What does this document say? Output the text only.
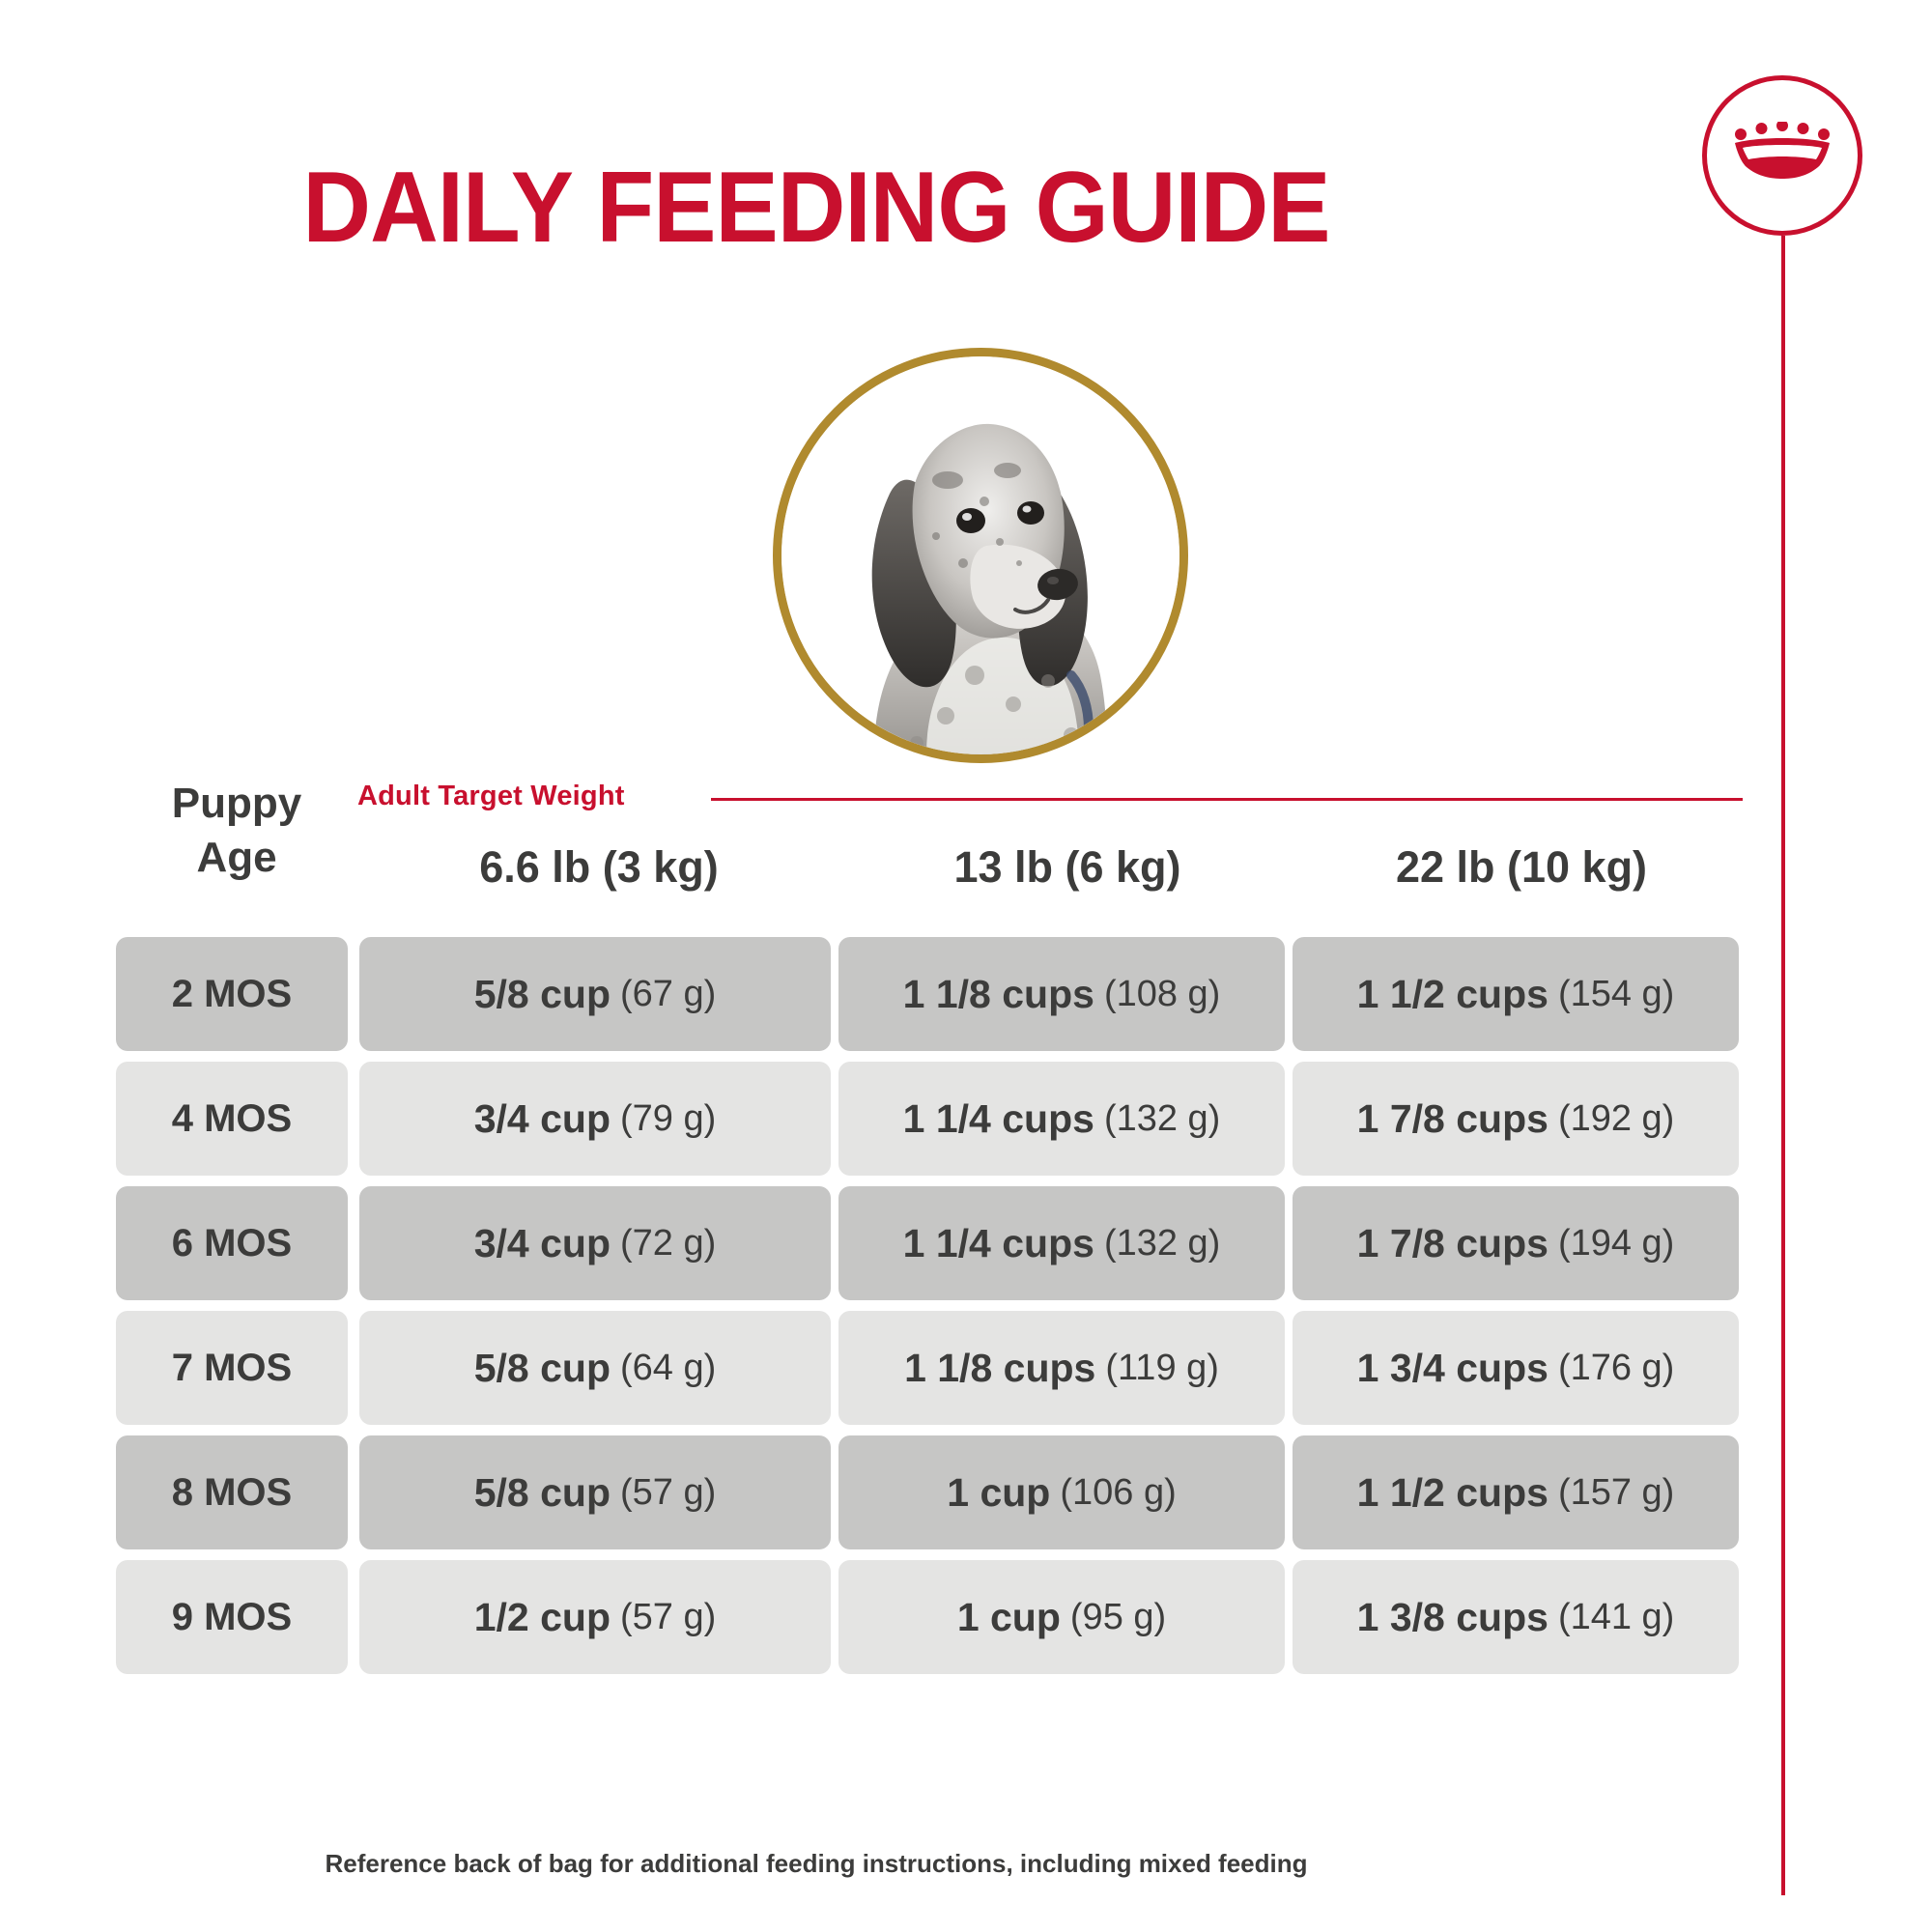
DAILY FEEDING GUIDE
Puppy
Age
Adult Target Weight
6.6 lb (3 kg)	13 lb (6 kg)	22 lb (10 kg)
2 MOS	5/8 cup (67 g)	1 1/8 cups (108 g)	1 1/2 cups (154 g)
4 MOS	3/4 cup (79 g)	1 1/4 cups (132 g)	1 7/8 cups (192 g)
6 MOS	3/4 cup (72 g)	1 1/4 cups (132 g)	1 7/8 cups (194 g)
7 MOS	5/8 cup (64 g)	1 1/8 cups (119 g)	1 3/4 cups (176 g)
8 MOS	5/8 cup (57 g)	1 cup (106 g)	1 1/2 cups (157 g)
9 MOS	1/2 cup (57 g)	1 cup (95 g)	1 3/8 cups (141 g)
Reference back of bag for additional feeding instructions, including mixed feeding
